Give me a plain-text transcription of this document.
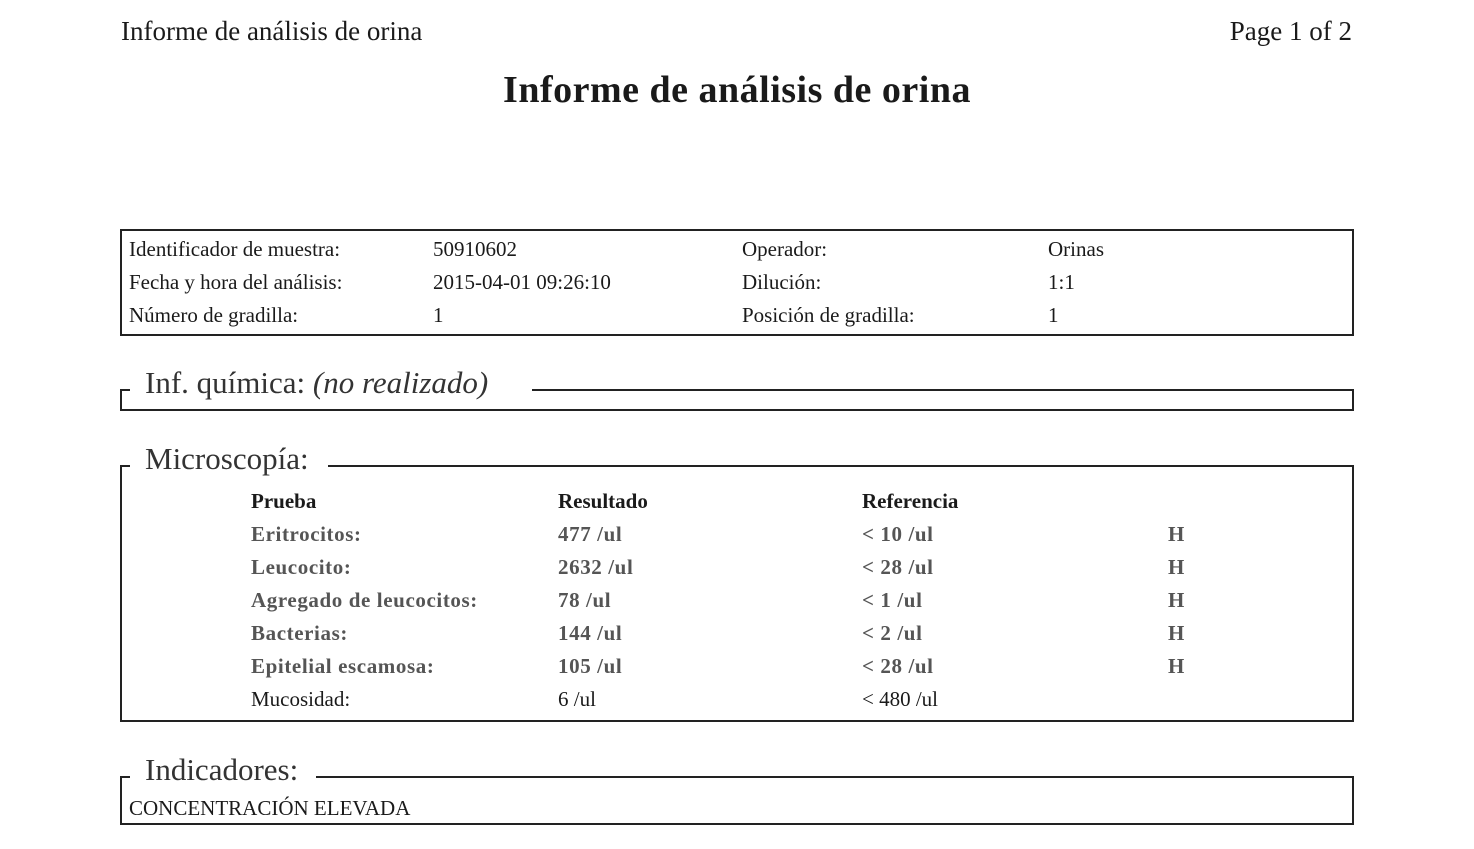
Informe de análisis de orina	Page 1 of 2
Informe de análisis de orina
Identificador de muestra:	50910602	Operador:	Orinas
Fecha y hora del análisis:	2015-04-01 09:26:10	Dilución:	1:1
Número de gradilla:	1	Posición de gradilla:	1
Inf. química: (no realizado)
Microscopía:
Prueba	Resultado	Referencia
Eritrocitos:	477 /ul	< 10 /ul	H
Leucocito:	2632 /ul	< 28 /ul	H
Agregado de leucocitos:	78 /ul	< 1 /ul	H
Bacterias:	144 /ul	< 2 /ul	H
Epitelial escamosa:	105 /ul	< 28 /ul	H
Mucosidad:	6 /ul	< 480 /ul
Indicadores:
CONCENTRACIÓN ELEVADA
